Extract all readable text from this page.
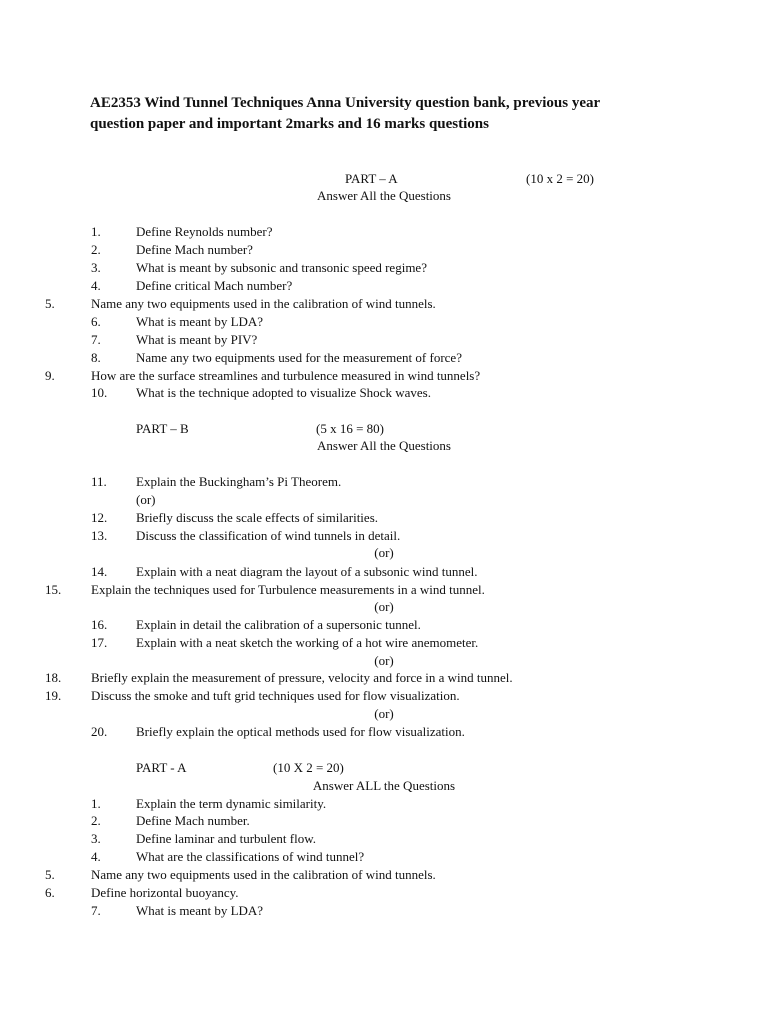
AE2353 Wind Tunnel Techniques Anna University question bank, previous year
question paper and important 2marks and 16 marks questions
PART – A	(10 x 2 = 20)
Answer All the Questions
1.	Define Reynolds number?
2.	Define Mach number?
3.	What is meant by subsonic and transonic speed regime?
4.	Define critical Mach number?
5.	Name any two equipments used in the calibration of wind tunnels.
6.	What is meant by LDA?
7.	What is meant by PIV?
8.	Name any two equipments used for the measurement of force?
9.	How are the surface streamlines and turbulence measured in wind tunnels?
10. What is the technique adopted to visualize Shock waves.
PART – B	(5 x 16 = 80)
Answer All the Questions
11. Explain the Buckingham’s Pi Theorem.
(or)
12. Briefly discuss the scale effects of similarities.
13. Discuss the classification of wind tunnels in detail.
(or)
14. Explain with a neat diagram the layout of a subsonic wind tunnel.
15. Explain the techniques used for Turbulence measurements in a wind tunnel.
(or)
16. Explain in detail the calibration of a supersonic tunnel.
17. Explain with a neat sketch the working of a hot wire anemometer.
(or)
18. Briefly explain the measurement of pressure, velocity and force in a wind tunnel.
19. Discuss the smoke and tuft grid techniques used for flow visualization.
(or)
20. Briefly explain the optical methods used for flow visualization.
PART - A	(10 X 2 = 20)
Answer ALL the Questions
1.	Explain the term dynamic similarity.
2.	Define Mach number.
3.	Define laminar and turbulent flow.
4.	What are the classifications of wind tunnel?
5.	Name any two equipments used in the calibration of wind tunnels.
6.	Define horizontal buoyancy.
7.	What is meant by LDA?
